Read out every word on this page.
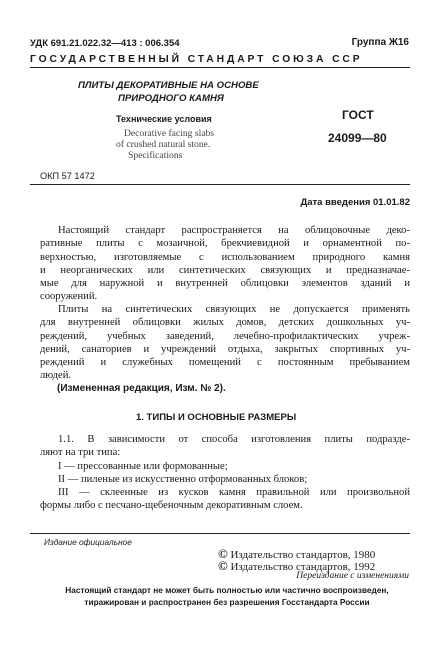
УДК 691.21.022.32—413 : 006.354	Группа Ж16
ГОСУДАРСТВЕННЫЙ СТАНДАРТ СОЮЗА ССР
ПЛИТЫ ДЕКОРАТИВНЫЕ НА ОСНОВЕ
ПРИРОДНОГО КАМНЯ
Технические условия
Decorative facing slabs
of crushed natural stone.
Specifications
ГОСТ
24099—80
ОКП 57 1472
Дата введения 01.01.82
Настоящий стандарт распространяется на облицовочные деко-
ративные плиты с мозаичной, брекчиевидной и орнаментной по-
верхностью, изготовляемые с использованием природного камня
и неорганических или синтетических связующих и предназначае-
мые для наружной и внутренней облицовки элементов зданий и
сооружений.
Плиты на синтетических связующих не допускается применять
для внутренней облицовки жилых домов, детских дошкольных уч-
реждений, учебных заведений, лечебно-профилактических учреж-
дений, санаториев и учреждений отдыха, закрытых спортивных уч-
реждений и служебных помещений с постоянным пребыванием
людей.
(Измененная редакция, Изм. № 2).
1. ТИПЫ И ОСНОВНЫЕ РАЗМЕРЫ
1.1. В зависимости от способа изготовления плиты подразде-
ляют на три типа:
I — прессованные или формованные;
II — пиленые из искусственно отформованных блоков;
III — склеенные из кусков камня правильной или произвольной
формы либо с песчано-щебеночным декоративным слоем.
Издание официальное
© Издательство стандартов, 1980
© Издательство стандартов, 1992
Переиздание с изменениями
Настоящий стандарт не может быть полностью или частично воспроизведен,
тиражирован и распространен без разрешения Госстандарта России
